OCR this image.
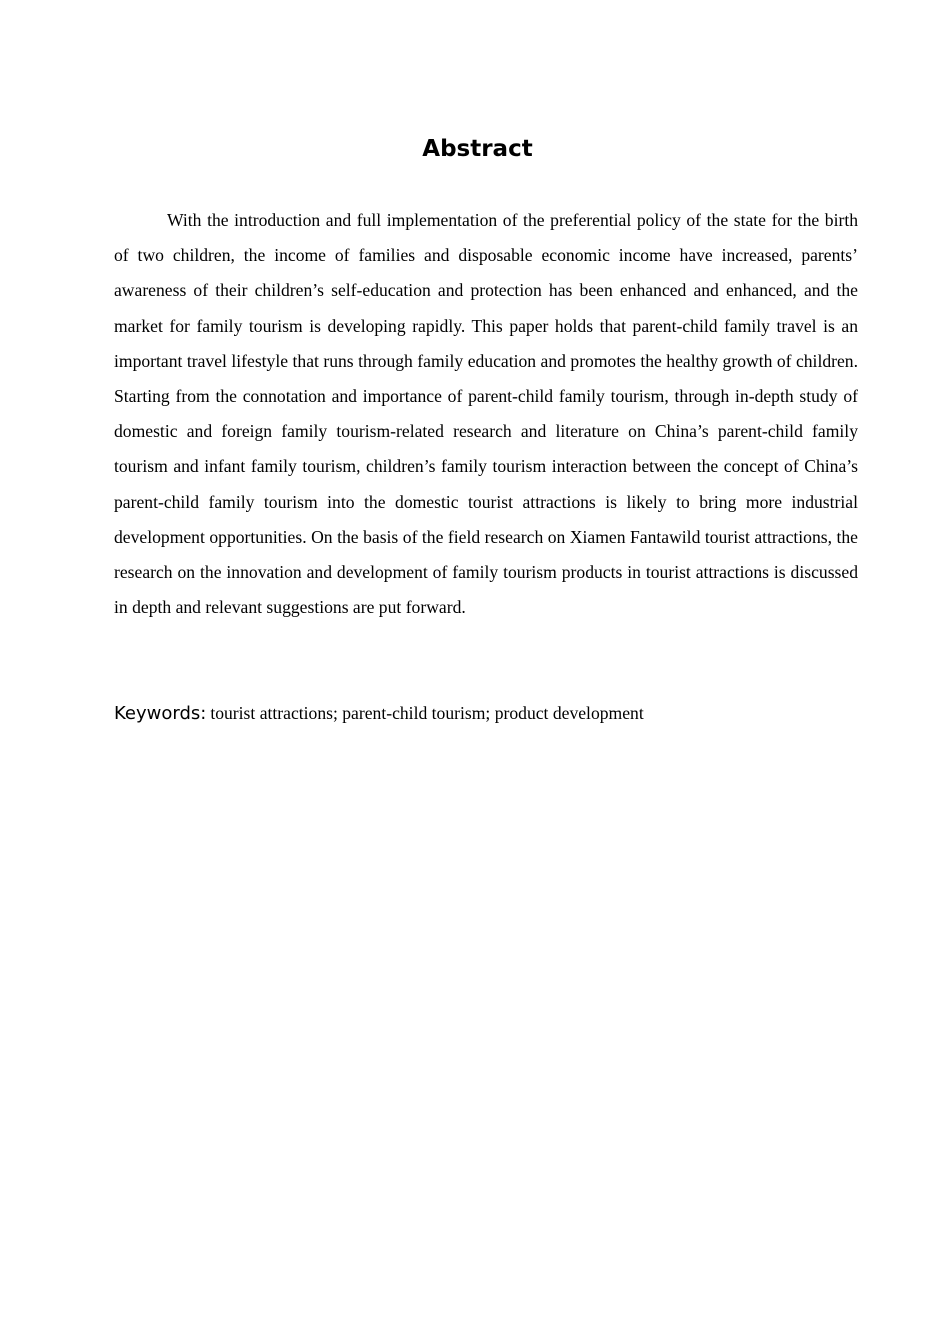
Abstract

With the introduction and full implementation of the preferential policy of the state for the birth of two children, the income of families and disposable economic income have increased, parents’ awareness of their children’s self-education and protection has been enhanced and enhanced, and the market for family tourism is developing rapidly. This paper holds that parent-child family travel is an important travel lifestyle that runs through family education and promotes the healthy growth of children. Starting from the connotation and importance of parent-child family tourism, through in-depth study of domestic and foreign family tourism-related research and literature on China’s parent-child family tourism and infant family tourism, children’s family tourism interaction between the concept of China’s parent-child family tourism into the domestic tourist attractions is likely to bring more industrial development opportunities. On the basis of the field research on Xiamen Fantawild tourist attractions, the research on the innovation and development of family tourism products in tourist attractions is discussed in depth and relevant suggestions are put forward.

Keywords: tourist attractions; parent-child tourism; product development
